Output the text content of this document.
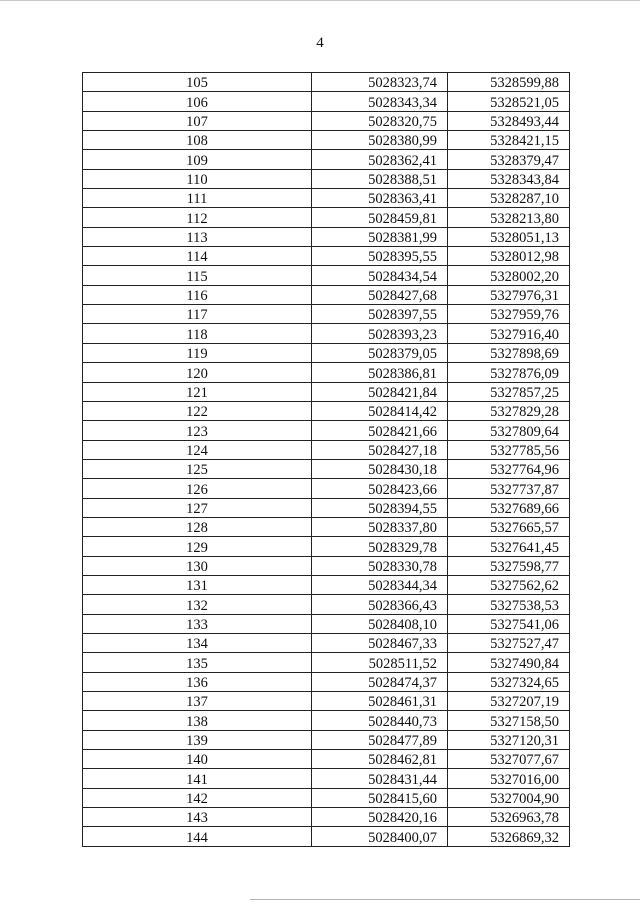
4
105	5028323,74	5328599,88
106	5028343,34	5328521,05
107	5028320,75	5328493,44
108	5028380,99	5328421,15
109	5028362,41	5328379,47
110	5028388,51	5328343,84
111	5028363,41	5328287,10
112	5028459,81	5328213,80
113	5028381,99	5328051,13
114	5028395,55	5328012,98
115	5028434,54	5328002,20
116	5028427,68	5327976,31
117	5028397,55	5327959,76
118	5028393,23	5327916,40
119	5028379,05	5327898,69
120	5028386,81	5327876,09
121	5028421,84	5327857,25
122	5028414,42	5327829,28
123	5028421,66	5327809,64
124	5028427,18	5327785,56
125	5028430,18	5327764,96
126	5028423,66	5327737,87
127	5028394,55	5327689,66
128	5028337,80	5327665,57
129	5028329,78	5327641,45
130	5028330,78	5327598,77
131	5028344,34	5327562,62
132	5028366,43	5327538,53
133	5028408,10	5327541,06
134	5028467,33	5327527,47
135	5028511,52	5327490,84
136	5028474,37	5327324,65
137	5028461,31	5327207,19
138	5028440,73	5327158,50
139	5028477,89	5327120,31
140	5028462,81	5327077,67
141	5028431,44	5327016,00
142	5028415,60	5327004,90
143	5028420,16	5326963,78
144	5028400,07	5326869,32
